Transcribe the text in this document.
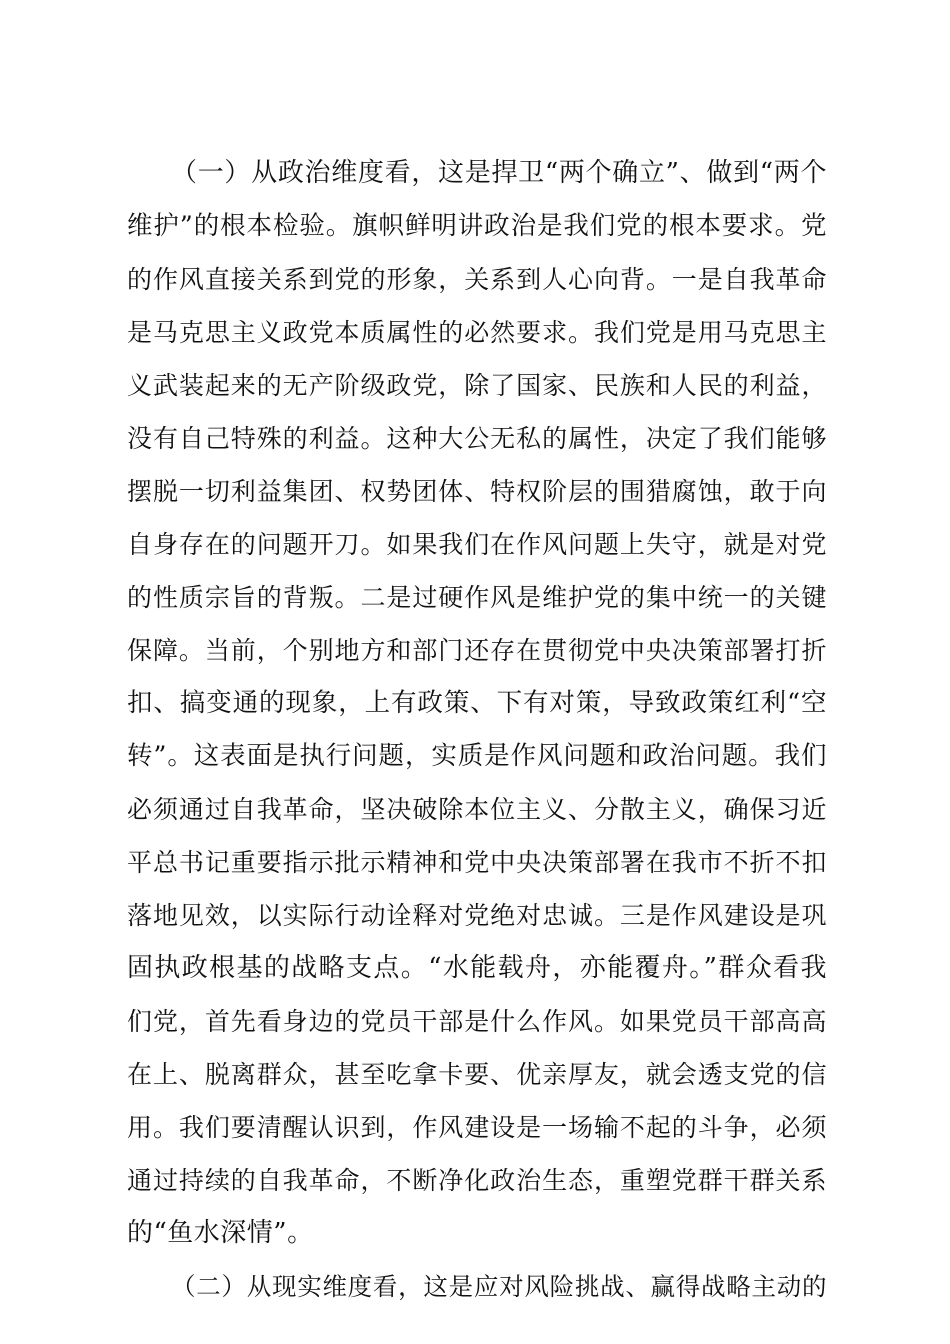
（一）从政治维度看，这是捍卫“两个确立”、做到“两个
维护”的根本检验。旗帜鲜明讲政治是我们党的根本要求。党
的作风直接关系到党的形象，关系到人心向背。一是自我革命
是马克思主义政党本质属性的必然要求。我们党是用马克思主
义武装起来的无产阶级政党，除了国家、民族和人民的利益，
没有自己特殊的利益。这种大公无私的属性，决定了我们能够
摆脱一切利益集团、权势团体、特权阶层的围猎腐蚀，敢于向
自身存在的问题开刀。如果我们在作风问题上失守，就是对党
的性质宗旨的背叛。二是过硬作风是维护党的集中统一的关键
保障。当前，个别地方和部门还存在贯彻党中央决策部署打折
扣、搞变通的现象，上有政策、下有对策，导致政策红利“空
转”。这表面是执行问题，实质是作风问题和政治问题。我们
必须通过自我革命，坚决破除本位主义、分散主义，确保习近
平总书记重要指示批示精神和党中央决策部署在我市不折不扣
落地见效，以实际行动诠释对党绝对忠诚。三是作风建设是巩
固执政根基的战略支点。“水能载舟，亦能覆舟。”群众看我
们党，首先看身边的党员干部是什么作风。如果党员干部高高
在上、脱离群众，甚至吃拿卡要、优亲厚友，就会透支党的信
用。我们要清醒认识到，作风建设是一场输不起的斗争，必须
通过持续的自我革命，不断净化政治生态，重塑党群干群关系
的“鱼水深情”。
（二）从现实维度看，这是应对风险挑战、赢得战略主动的
